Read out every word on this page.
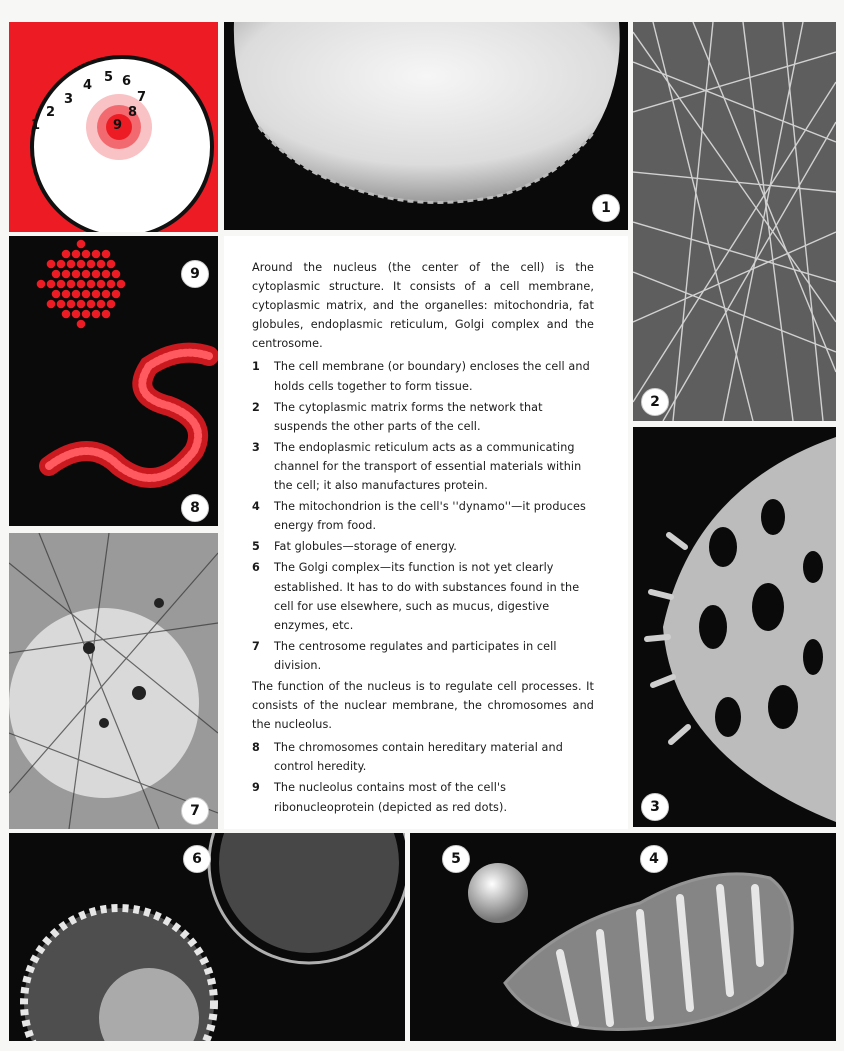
1
2
3
4
5 6
7
8
9
1
2
9
8

Around the nucleus (the center of the cell) is the cytoplasmic structure. It consists of a cell membrane, cytoplasmic matrix, and the organelles: mitochondria, fat globules, endoplasmic reticulum, Golgi complex and the centrosome.

1	The cell membrane (or boundary) encloses the cell and holds cells together to form tissue.
2	The cytoplasmic matrix forms the network that suspends the other parts of the cell.
3	The endoplasmic reticulum acts as a communicating channel for the transport of essential materials within the cell; it also manufactures protein.
4	The mitochondrion is the cell's ''dynamo''—it produces energy from food.
5	Fat globules—storage of energy.
6	The Golgi complex—its function is not yet clearly established. It has to do with substances found in the cell for use elsewhere, such as mucus, digestive enzymes, etc.
7	The centrosome regulates and participates in cell division.

The function of the nucleus is to regulate cell processes. It consists of the nuclear membrane, the chromosomes and the nucleolus.

8	The chromosomes contain hereditary material and control heredity.
9	The nucleolus contains most of the cell's ribonucleoprotein (depicted as red dots).
7	3
6	5	4
